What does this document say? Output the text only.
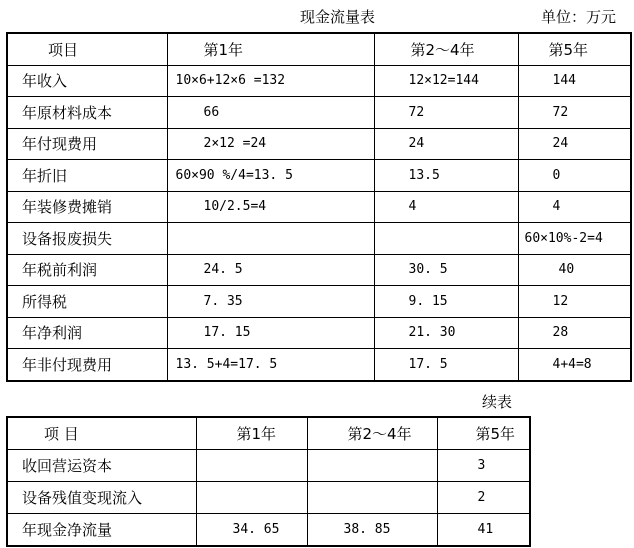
现金流量表	单位：万元
项目	第1年	第2～4年	第5年
年收入	10×6+12×6 =132	12×12=144	144
年原材料成本	66	72	72
年付现费用	2×12 =24	24	24
年折旧	60×90 %/4=13. 5	13.5	0
年装修费摊销	10/2.5=4	4	4
设备报废损失			60×10%-2=4
年税前利润	24. 5	30. 5	40
所得税	7. 35	9. 15	12
年净利润	17. 15	21. 30	28
年非付现费用	13. 5+4=17. 5	17. 5	4+4=8
续表
项 目	第1年	第2～4年	第5年
收回营运资本			3
设备残值变现流入			2
年现金净流量	34. 65	38. 85	41
